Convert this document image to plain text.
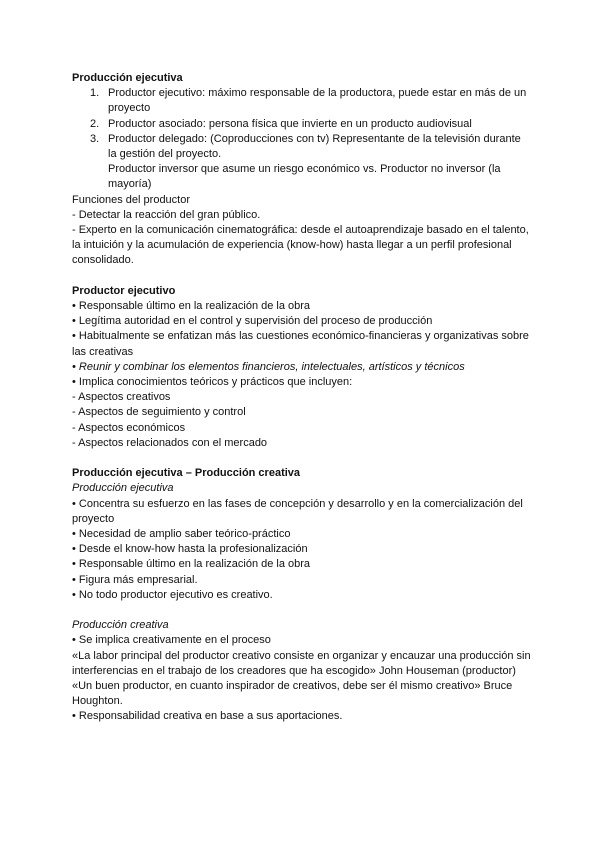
Producción ejecutiva

1. Productor ejecutivo: máximo responsable de la productora, puede estar en más de un proyecto
2. Productor asociado: persona física que invierte en un producto audiovisual
3. Productor delegado: (Coproducciones con tv) Representante de la televisión durante la gestión del proyecto.

Productor inversor que asume un riesgo económico vs. Productor no inversor (la mayoría)

Funciones del productor

- Detectar la reacción del gran público.

- Experto en la comunicación cinematográfica: desde el autoaprendizaje basado en el talento, la intuición y la acumulación de experiencia (know-how) hasta llegar a un perfil profesional consolidado.

Productor ejecutivo

• Responsable último en la realización de la obra

• Legítima autoridad en el control y supervisión del proceso de producción

• Habitualmente se enfatizan más las cuestiones económico-financieras y organizativas sobre las creativas

• Reunir y combinar los elementos financieros, intelectuales, artísticos y técnicos

• Implica conocimientos teóricos y prácticos que incluyen:

- Aspectos creativos

- Aspectos de seguimiento y control

- Aspectos económicos

- Aspectos relacionados con el mercado

Producción ejecutiva – Producción creativa

Producción ejecutiva

• Concentra su esfuerzo en las fases de concepción y desarrollo y en la comercialización del proyecto

• Necesidad de amplio saber teórico-práctico

• Desde el know-how hasta la profesionalización

• Responsable último en la realización de la obra

• Figura más empresarial.

• No todo productor ejecutivo es creativo.

Producción creativa

• Se implica creativamente en el proceso

«La labor principal del productor creativo consiste en organizar y encauzar una producción sin interferencias en el trabajo de los creadores que ha escogido» John Houseman (productor)

«Un buen productor, en cuanto inspirador de creativos, debe ser él mismo creativo» Bruce Houghton.

• Responsabilidad creativa en base a sus aportaciones.
